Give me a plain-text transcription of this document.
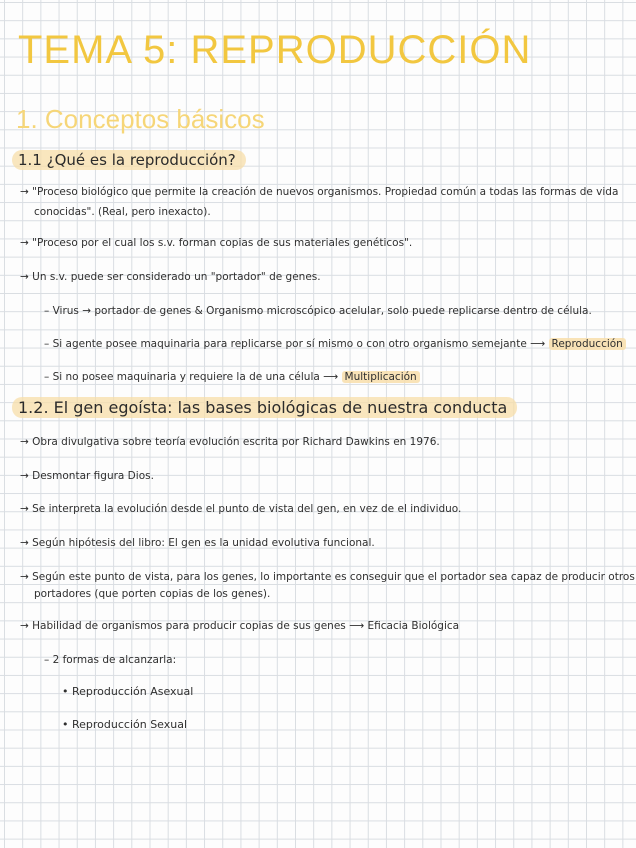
TEMA 5: REPRODUCCIÓN
1. Conceptos básicos
1.1 ¿Qué es la reproducción?
→ "Proceso biológico que permite la creación de nuevos organismos. Propiedad común a todas las formas de vida
conocidas". (Real, pero inexacto).
→ "Proceso por el cual los s.v. forman copias de sus materiales genéticos".
→ Un s.v. puede ser considerado un "portador" de genes.
– Virus → portador de genes & Organismo microscópico acelular, solo puede replicarse dentro de célula.
– Si agente posee maquinaria para replicarse por sí mismo o con otro organismo semejante ⟶ Reproducción
– Si no posee maquinaria y requiere la de una célula ⟶ Multiplicación
1.2. El gen egoísta: las bases biológicas de nuestra conducta
→ Obra divulgativa sobre teoría evolución escrita por Richard Dawkins en 1976.
→ Desmontar figura Dios.
→ Se interpreta la evolución desde el punto de vista del gen, en vez de el individuo.
→ Según hipótesis del libro: El gen es la unidad evolutiva funcional.
→ Según este punto de vista, para los genes, lo importante es conseguir que el portador sea capaz de producir otros
portadores (que porten copias de los genes).
→ Habilidad de organismos para producir copias de sus genes ⟶ Eficacia Biológica
– 2 formas de alcanzarla:
• Reproducción Asexual
• Reproducción Sexual
